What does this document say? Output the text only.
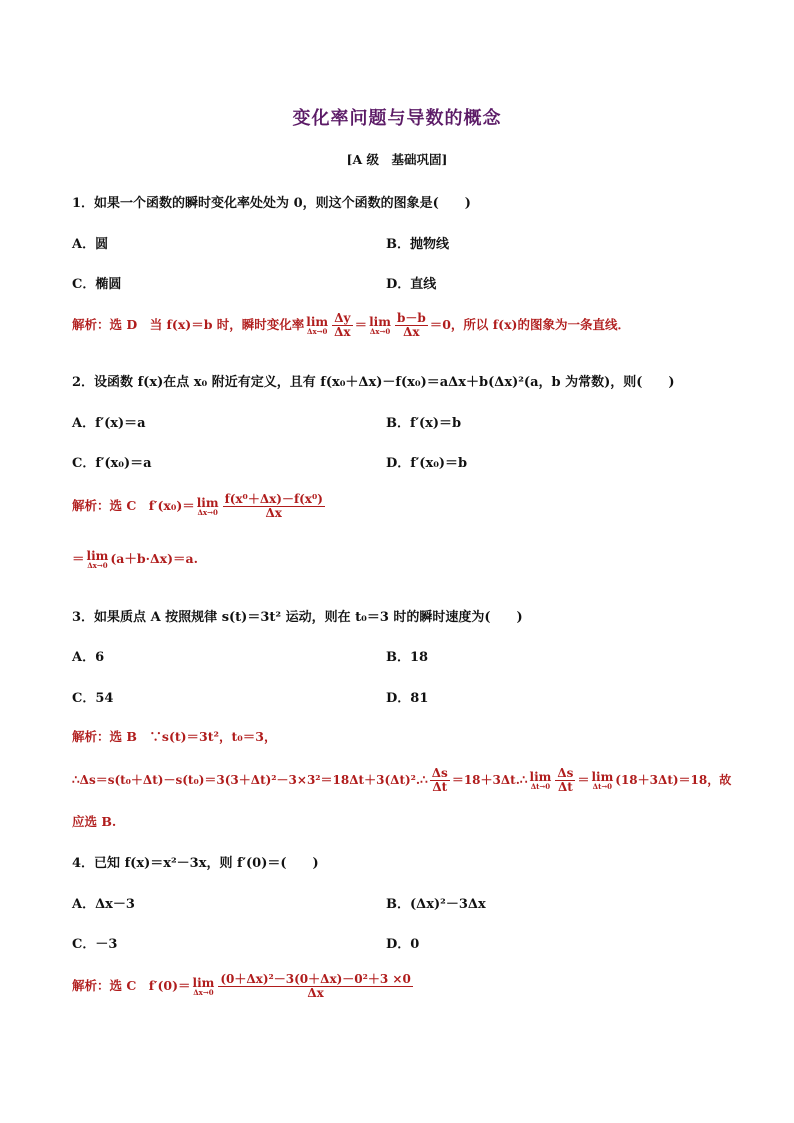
变化率问题与导数的概念
[A 级　基础巩固]
1．如果一个函数的瞬时变化率处处为 0，则这个函数的图象是(　　)
A．圆	B．抛物线
C．椭圆	D．直线
解析：选 D　当 f(x)＝b 时，瞬时变化率 lim
$\Delta x\to 0 \frac{\Delta y}{\Delta x} = \lim$
$\Delta x\to 0 \frac{b-b}{\Delta x} =0$，所以 f(x)的图象为一条直线．
2．设函数 f(x)在点 x₀ 附近有定义，且有 f(x₀＋Δx)－f(x₀)＝aΔx＋b(Δx)²(a，b 为常数)，则(　　)
A．f′(x)＝a	B．f′(x)＝b
C．f′(x₀)＝a	D．f′(x₀)＝b
解析：选 C　f′(x₀)＝ lim
$\Delta x\to 0 \frac{\text{f(x⁰＋Δx)－f(x⁰)}}{\Delta x}$
＝ lim
Δx→0 (a＋b·Δx)＝a.
3．如果质点 A 按照规律 s(t)＝3t² 运动，则在 t₀＝3 时的瞬时速度为(　　)
A．6	B．18
C．54	D．81
解析：选 B　∵s(t)＝3t²，t₀＝3，
∴Δs＝s(t₀＋Δt)－s(t₀)＝3(3＋Δt)²－3×3²＝18Δt＋3(Δt)².∴ $\frac{\Delta s}{\Delta t}$ ＝18＋3Δt.∴ lim
$\Delta t\to 0 \frac{\Delta s}{\Delta t} = \lim$
Δt→0 (18＋3Δt)＝18，故
应选 B.
4．已知 f(x)＝x²－3x，则 f′(0)＝(　　)
A．Δx－3	B．(Δx)²－3Δx
C．－3	D．0
解析：选 C　f′(0)＝ lim
$\Delta x\to 0 \frac{\text{(0＋Δx)²－3(0＋Δx)－0²＋3 ×0}}{\Delta x}$
